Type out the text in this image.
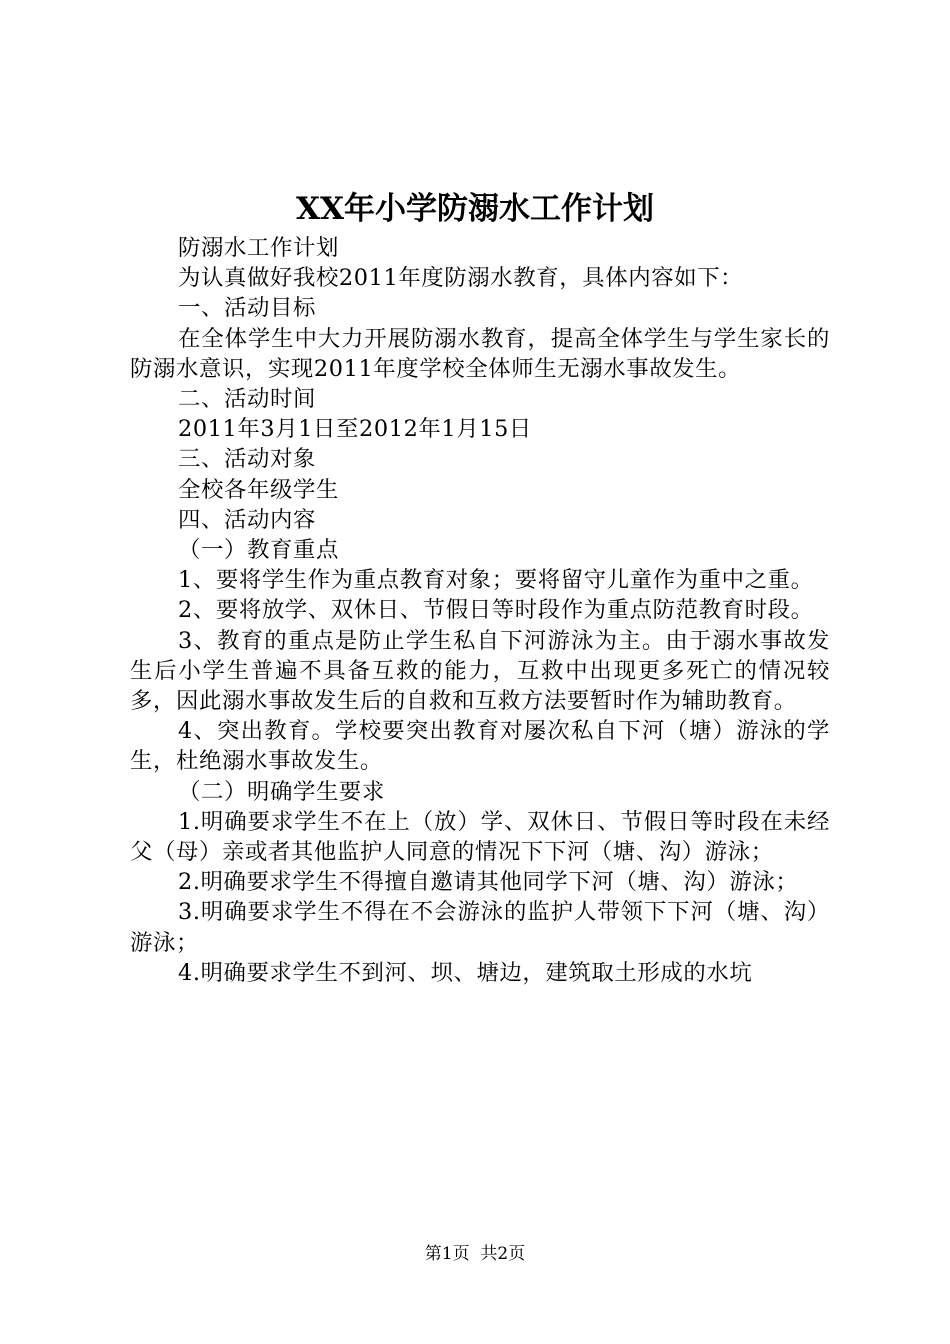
XX年小学防溺水工作计划

防溺水工作计划

为认真做好我校2011年度防溺水教育，具体内容如下：

一、活动目标

在全体学生中大力开展防溺水教育，提高全体学生与学生家长的防溺水意识，实现2011年度学校全体师生无溺水事故发生。

二、活动时间

2011年3月1日至2012年1月15日

三、活动对象

全校各年级学生

四、活动内容

（一）教育重点

1、要将学生作为重点教育对象；要将留守儿童作为重中之重。

2、要将放学、双休日、节假日等时段作为重点防范教育时段。

3、教育的重点是防止学生私自下河游泳为主。由于溺水事故发生后小学生普遍不具备互救的能力，互救中出现更多死亡的情况较多，因此溺水事故发生后的自救和互救方法要暂时作为辅助教育。

4、突出教育。学校要突出教育对屡次私自下河（塘）游泳的学生，杜绝溺水事故发生。

（二）明确学生要求

1.明确要求学生不在上（放）学、双休日、节假日等时段在未经父（母）亲或者其他监护人同意的情况下下河（塘、沟）游泳；

2.明确要求学生不得擅自邀请其他同学下河（塘、沟）游泳；

3.明确要求学生不得在不会游泳的监护人带领下下河（塘、沟）游泳；

4.明确要求学生不到河、坝、塘边，建筑取土形成的水坑

第1页  共2页
